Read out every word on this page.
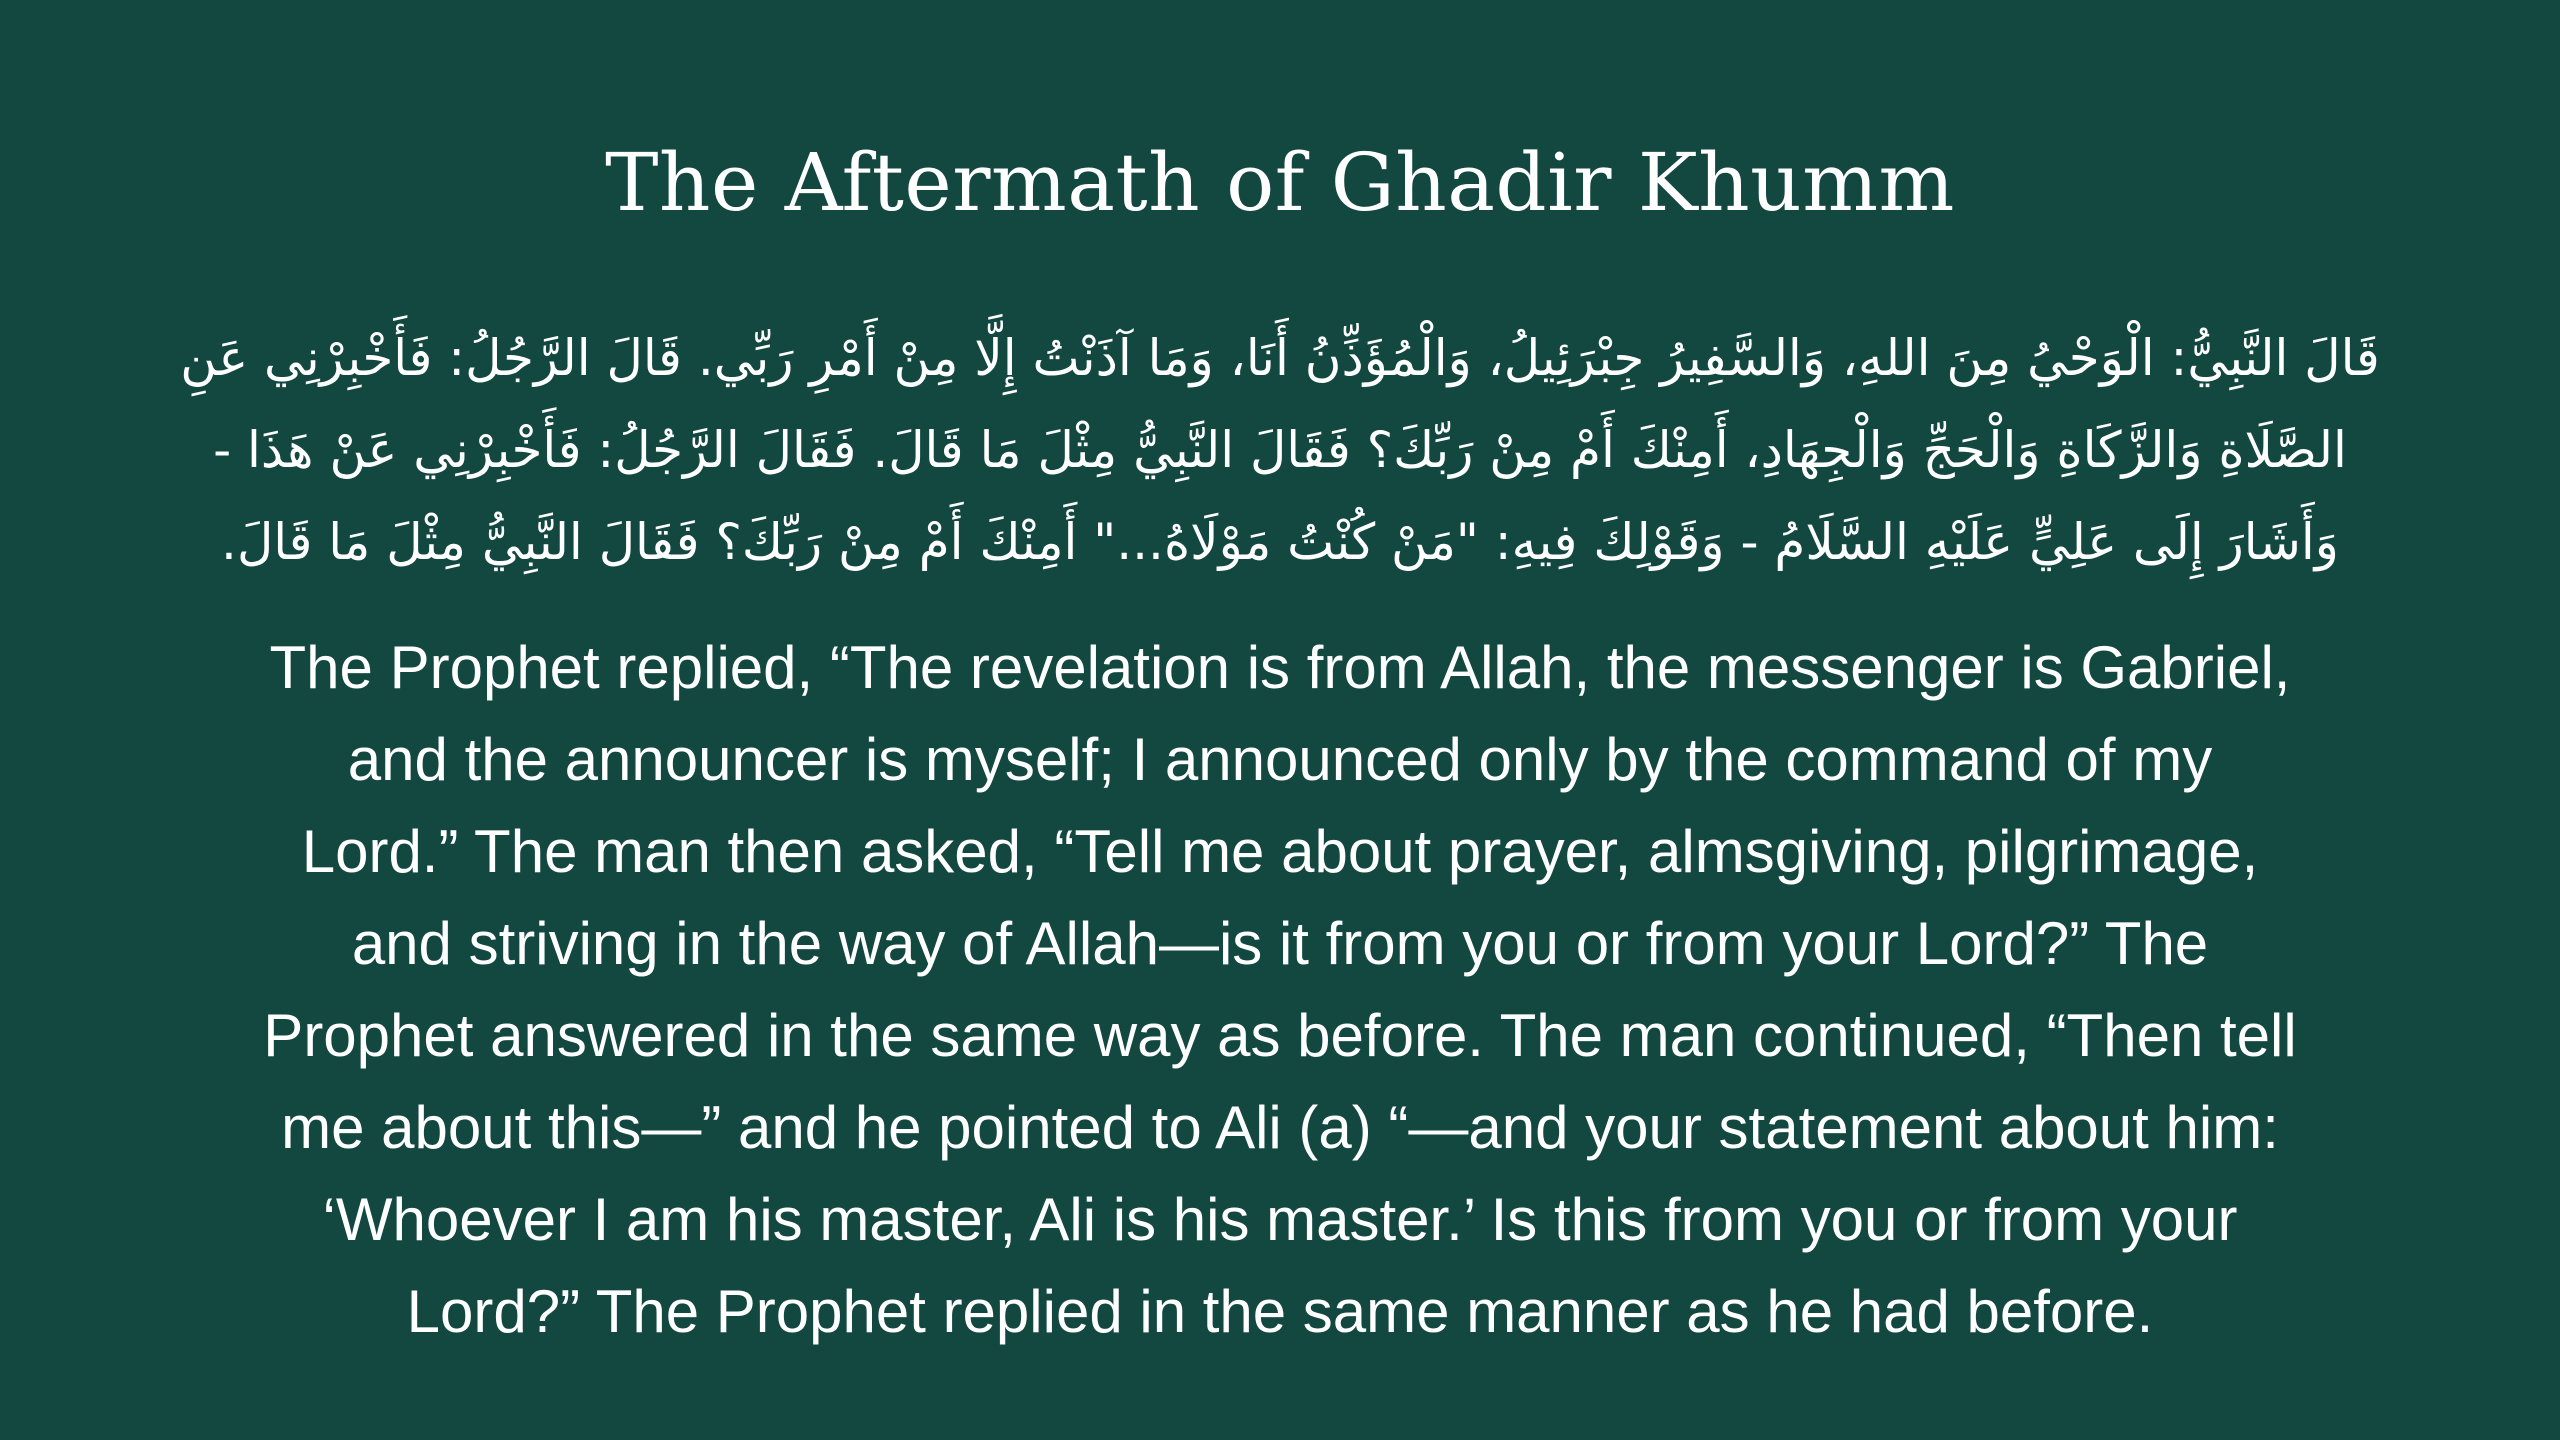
The Aftermath of Ghadir Khumm
قَالَ النَّبِيُّ: الْوَحْيُ مِنَ اللهِ، وَالسَّفِيرُ جِبْرَئِيلُ، وَالْمُؤَذِّنُ أَنَا، وَمَا آذَنْتُ إِلَّا مِنْ أَمْرِ رَبِّي. قَالَ الرَّجُلُ: فَأَخْبِرْنِي عَنِ
الصَّلَاةِ وَالزَّكَاةِ وَالْحَجِّ وَالْجِهَادِ، أَمِنْكَ أَمْ مِنْ رَبِّكَ؟ فَقَالَ النَّبِيُّ مِثْلَ مَا قَالَ. فَقَالَ الرَّجُلُ: فَأَخْبِرْنِي عَنْ هَذَا -
وَأَشَارَ إِلَى عَلِيٍّ عَلَيْهِ السَّلَامُ - وَقَوْلِكَ فِيهِ: "مَنْ كُنْتُ مَوْلَاهُ..." أَمِنْكَ أَمْ مِنْ رَبِّكَ؟ فَقَالَ النَّبِيُّ مِثْلَ مَا قَالَ.
The Prophet replied, “The revelation is from Allah, the messenger is Gabriel,
and the announcer is myself; I announced only by the command of my
Lord.” The man then asked, “Tell me about prayer, almsgiving, pilgrimage,
and striving in the way of Allah—is it from you or from your Lord?” The
Prophet answered in the same way as before. The man continued, “Then tell
me about this—” and he pointed to Ali (a) “—and your statement about him:
‘Whoever I am his master, Ali is his master.’ Is this from you or from your
Lord?” The Prophet replied in the same manner as he had before.
